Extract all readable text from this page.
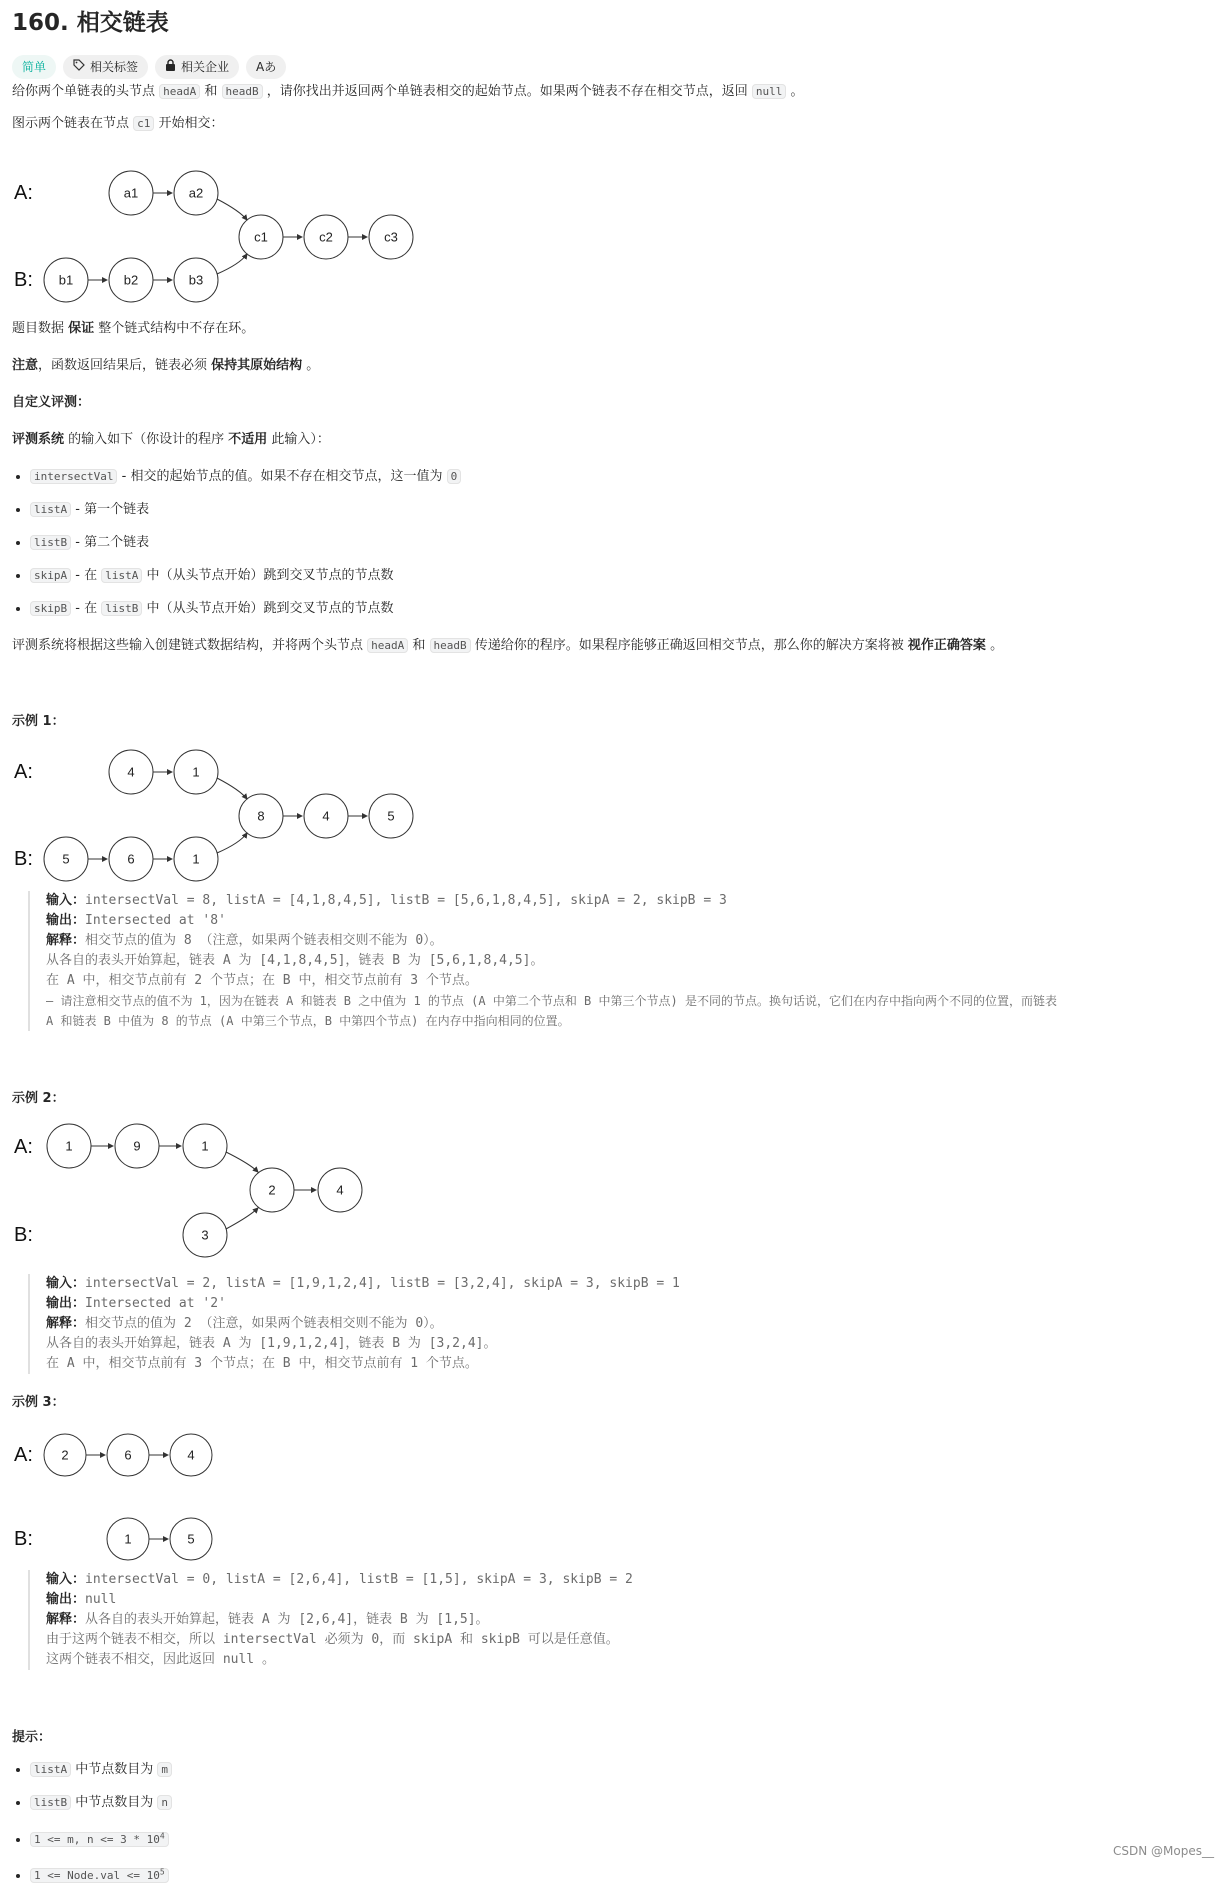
160. 相交链表
简单	相关标签	相关企业	Aあ

给你两个单链表的头节点 headA 和 headB ，请你找出并返回两个单链表相交的起始节点。如果两个链表不存在相交节点，返回 null 。

图示两个链表在节点 c1 开始相交：

A:
B:
a1	a2
b1	b2	b3
c1	c2	c3
A:
B:
4	1
5	6	1
8	4	5
A:
B:
1	9	1
3
2	4
A:
B:
2	6	4
1	5

题目数据 保证 整个链式结构中不存在环。

注意，函数返回结果后，链表必须 保持其原始结构 。

自定义评测：

评测系统 的输入如下（你设计的程序 不适用 此输入）：

• intersectVal - 相交的起始节点的值。如果不存在相交节点，这一值为 0
• listA - 第一个链表
• listB - 第二个链表
• skipA - 在 listA 中（从头节点开始）跳到交叉节点的节点数
• skipB - 在 listB 中（从头节点开始）跳到交叉节点的节点数

评测系统将根据这些输入创建链式数据结构，并将两个头节点 headA 和 headB 传递给你的程序。如果程序能够正确返回相交节点，那么你的解决方案将被 视作正确答案 。

示例 1：
输入：intersectVal = 8, listA = [4,1,8,4,5], listB = [5,6,1,8,4,5], skipA = 2, skipB = 3
输出：Intersected at '8'
解释：相交节点的值为 8 （注意，如果两个链表相交则不能为 0）。
从各自的表头开始算起，链表 A 为 [4,1,8,4,5]，链表 B 为 [5,6,1,8,4,5]。
在 A 中，相交节点前有 2 个节点；在 B 中，相交节点前有 3 个节点。
— 请注意相交节点的值不为 1，因为在链表 A 和链表 B 之中值为 1 的节点 (A 中第二个节点和 B 中第三个节点) 是不同的节点。换句话说，它们在内存中指向两个不同的位置，而链表
A 和链表 B 中值为 8 的节点 (A 中第三个节点，B 中第四个节点) 在内存中指向相同的位置。
示例 2：
输入：intersectVal = 2, listA = [1,9,1,2,4], listB = [3,2,4], skipA = 3, skipB = 1
输出：Intersected at '2'
解释：相交节点的值为 2 （注意，如果两个链表相交则不能为 0）。
从各自的表头开始算起，链表 A 为 [1,9,1,2,4]，链表 B 为 [3,2,4]。
在 A 中，相交节点前有 3 个节点；在 B 中，相交节点前有 1 个节点。
示例 3：
输入：intersectVal = 0, listA = [2,6,4], listB = [1,5], skipA = 3, skipB = 2
输出：null
解释：从各自的表头开始算起，链表 A 为 [2,6,4]，链表 B 为 [1,5]。
由于这两个链表不相交，所以 intersectVal 必须为 0，而 skipA 和 skipB 可以是任意值。
这两个链表不相交，因此返回 null 。
提示：
• listA 中节点数目为 m
• listB 中节点数目为 n
• 1 <= m, $n <= 3 * 10^4$
• 1 <= Node.val <= $10^5$
CSDN @Mopes__
